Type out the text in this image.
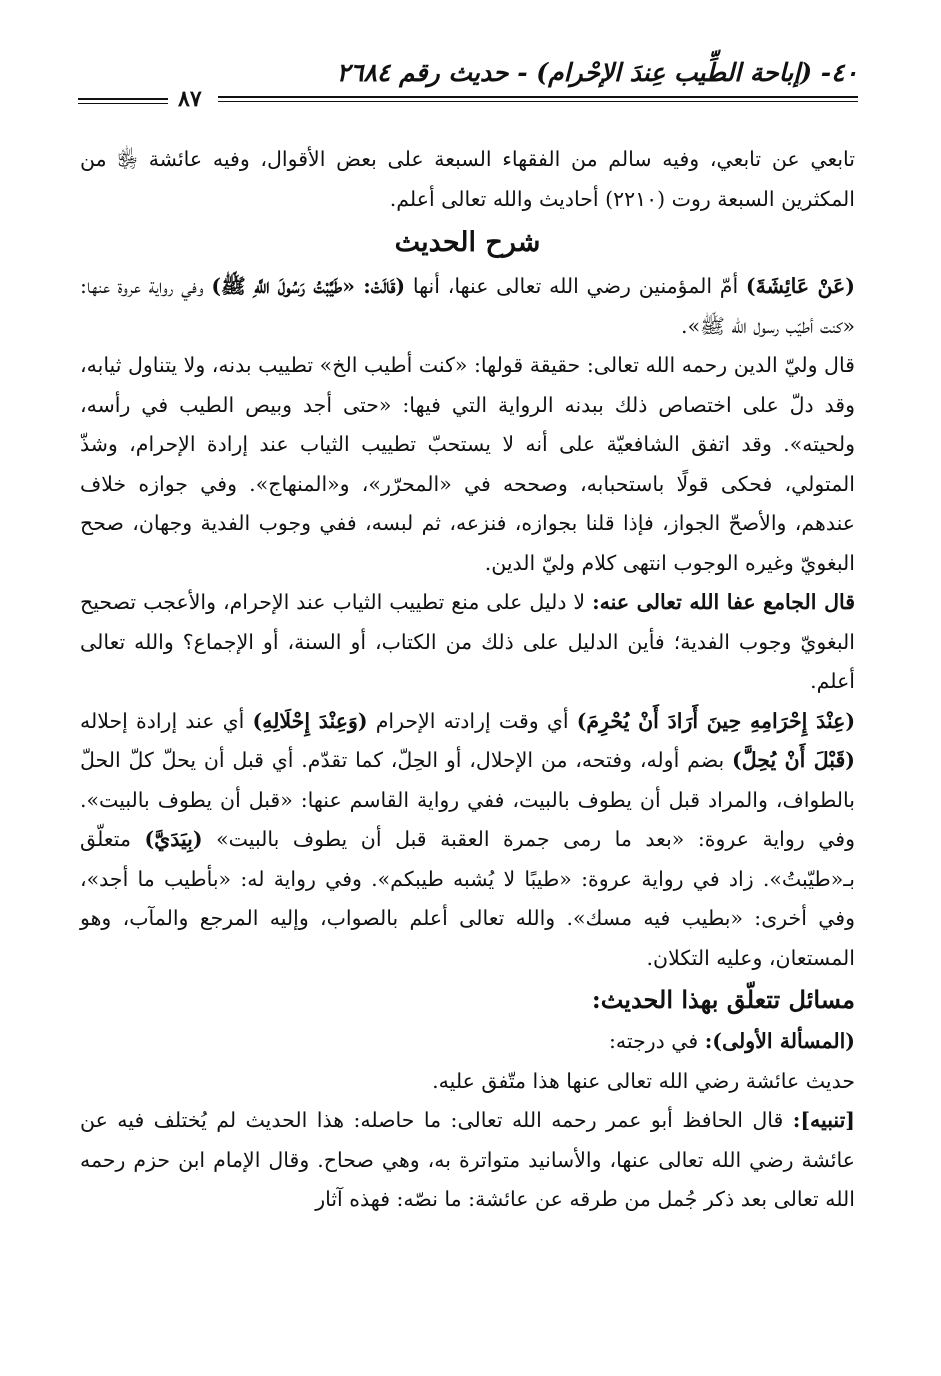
٤٠- (إباحة الطِّيب عِندَ الإحْرام) - حديث رقم ٢٦٨٤
٨٧

تابعي عن تابعي، وفيه سالم من الفقهاء السبعة على بعض الأقوال، وفيه عائشة ﵂ من المكثرين السبعة روت (٢٢١٠) أحاديث والله تعالى أعلم.

شرح الحديث

(عَنْ عَائِشَةَ) أمّ المؤمنين رضي الله تعالى عنها، أنها (قَالَتْ: «طَيَّبْتُ رَسُولَ اللَّهِ ﷺ) وفي رواية عروة عنها: «كنت أطيّب رسول الله ﷺ».

قال وليّ الدين رحمه الله تعالى: حقيقة قولها: «كنت أطيب الخ» تطييب بدنه، ولا يتناول ثيابه، وقد دلّ على اختصاص ذلك ببدنه الرواية التي فيها: «حتى أجد وبيص الطيب في رأسه، ولحيته». وقد اتفق الشافعيّة على أنه لا يستحبّ تطييب الثياب عند إرادة الإحرام، وشذّ المتولي، فحكى قولًا باستحبابه، وصححه في «المحرّر»، و«المنهاج». وفي جوازه خلاف عندهم، والأصحّ الجواز، فإذا قلنا بجوازه، فنزعه، ثم لبسه، ففي وجوب الفدية وجهان، صحح البغويّ وغيره الوجوب انتهى كلام وليّ الدين.

قال الجامع عفا الله تعالى عنه: لا دليل على منع تطييب الثياب عند الإحرام، والأعجب تصحيح البغويّ وجوب الفدية؛ فأين الدليل على ذلك من الكتاب، أو السنة، أو الإجماع؟ والله تعالى أعلم.

(عِنْدَ إِحْرَامِهِ حِينَ أَرَادَ أَنْ يُحْرِمَ) أي وقت إرادته الإحرام (وَعِنْدَ إِحْلَالِهِ) أي عند إرادة إحلاله (قَبْلَ أَنْ يُحِلَّ) بضم أوله، وفتحه، من الإحلال، أو الحِلّ، كما تقدّم. أي قبل أن يحلّ كلّ الحلّ بالطواف، والمراد قبل أن يطوف بالبيت، ففي رواية القاسم عنها: «قبل أن يطوف بالبيت». وفي رواية عروة: «بعد ما رمى جمرة العقبة قبل أن يطوف بالبيت» (بِيَدَيَّ) متعلّق بـ«طيّبتُ». زاد في رواية عروة: «طيبًا لا يُشبه طيبكم». وفي رواية له: «بأطيب ما أجد»، وفي أخرى: «بطيب فيه مسك». والله تعالى أعلم بالصواب، وإليه المرجع والمآب، وهو المستعان، وعليه التكلان.

مسائل تتعلّق بهذا الحديث:

(المسألة الأولى): في درجته:

حديث عائشة رضي الله تعالى عنها هذا متّفق عليه.

[تنبيه]: قال الحافظ أبو عمر رحمه الله تعالى: ما حاصله: هذا الحديث لم يُختلف فيه عن عائشة رضي الله تعالى عنها، والأسانيد متواترة به، وهي صحاح. وقال الإمام ابن حزم رحمه الله تعالى بعد ذكر جُمل من طرقه عن عائشة: ما نصّه: فهذه آثار
